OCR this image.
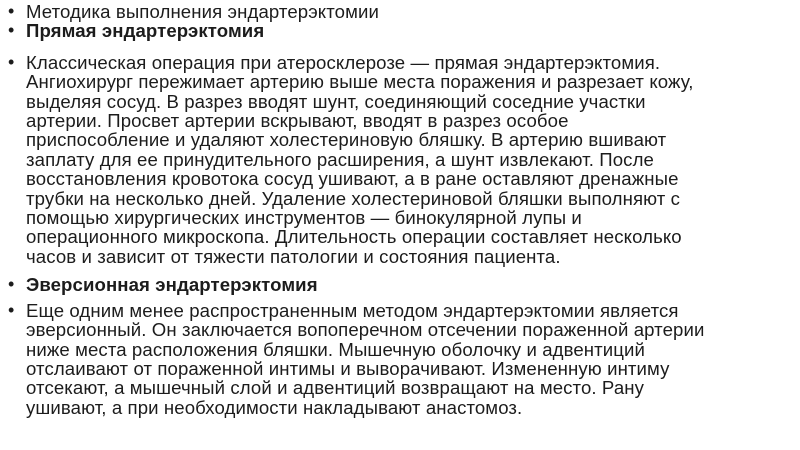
• Методика выполнения эндартерэктомии
• Прямая эндартерэктомия
• Классическая операция при атеросклерозе — прямая эндартерэктомия.
Ангиохирург пережимает артерию выше места поражения и разрезает кожу,
выделяя сосуд. В разрез вводят шунт, соединяющий соседние участки
артерии. Просвет артерии вскрывают, вводят в разрез особое
приспособление и удаляют холестериновую бляшку. В артерию вшивают
заплату для ее принудительного расширения, а шунт извлекают. После
восстановления кровотока сосуд ушивают, а в ране оставляют дренажные
трубки на несколько дней. Удаление холестериновой бляшки выполняют с
помощью хирургических инструментов — бинокулярной лупы и
операционного микроскопа. Длительность операции составляет несколько
часов и зависит от тяжести патологии и состояния пациента.
• Эверсионная эндартерэктомия
• Еще одним менее распространенным методом эндартерэктомии является
эверсионный. Он заключается вопоперечном отсечении пораженной артерии
ниже места расположения бляшки. Мышечную оболочку и адвентиций
отслаивают от пораженной интимы и выворачивают. Измененную интиму
отсекают, а мышечный слой и адвентиций возвращают на место. Рану
ушивают, а при необходимости накладывают анастомоз.
